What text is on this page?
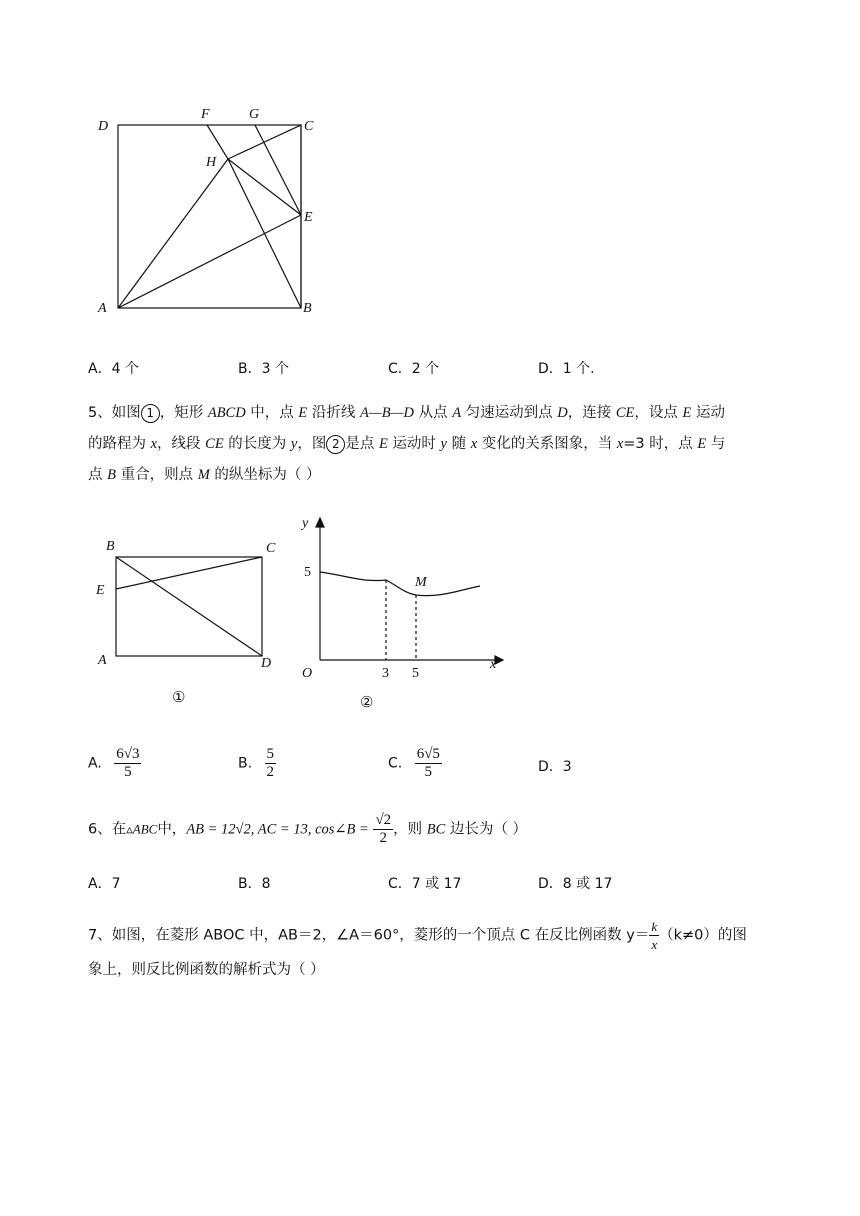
D
F	G
C
H
E
A	B
A．4 个	B．3 个	C．2 个	D．1 个.
5、如图 1 ，矩形 ABCD 中，点 E 沿折线 A—B—D 从点 A 匀速运动到点 D，连接 CE，设点 E 运动
的路程为 x，线段 CE 的长度为 y，图 2 是点 E 运动时 y 随 x 变化的关系图象，当 x=3 时，点 E 与
点 B 重合，则点 M 的纵坐标为（ ）
B	C
E
A	D
①
y
x
O
M
5
3 5
②
A. $\frac{6√3}{5}$	B. $\frac{5}{2}$	C. $\frac{6√5}{5}$	D．3
6、在▵ABC中，AB = 12√2, AC = 13, cos∠B = $\frac{√2}{2}$ ，则 BC 边长为（ ）
A．7	B．8	C．7 或 17	D．8 或 17
7、如图，在菱形 ABOC 中，AB＝2，∠A＝60°，菱形的一个顶点 C 在反比例函数 $y= \frac{k}{x} (k\ne 0)$的图
象上，则反比例函数的解析式为（ ）
